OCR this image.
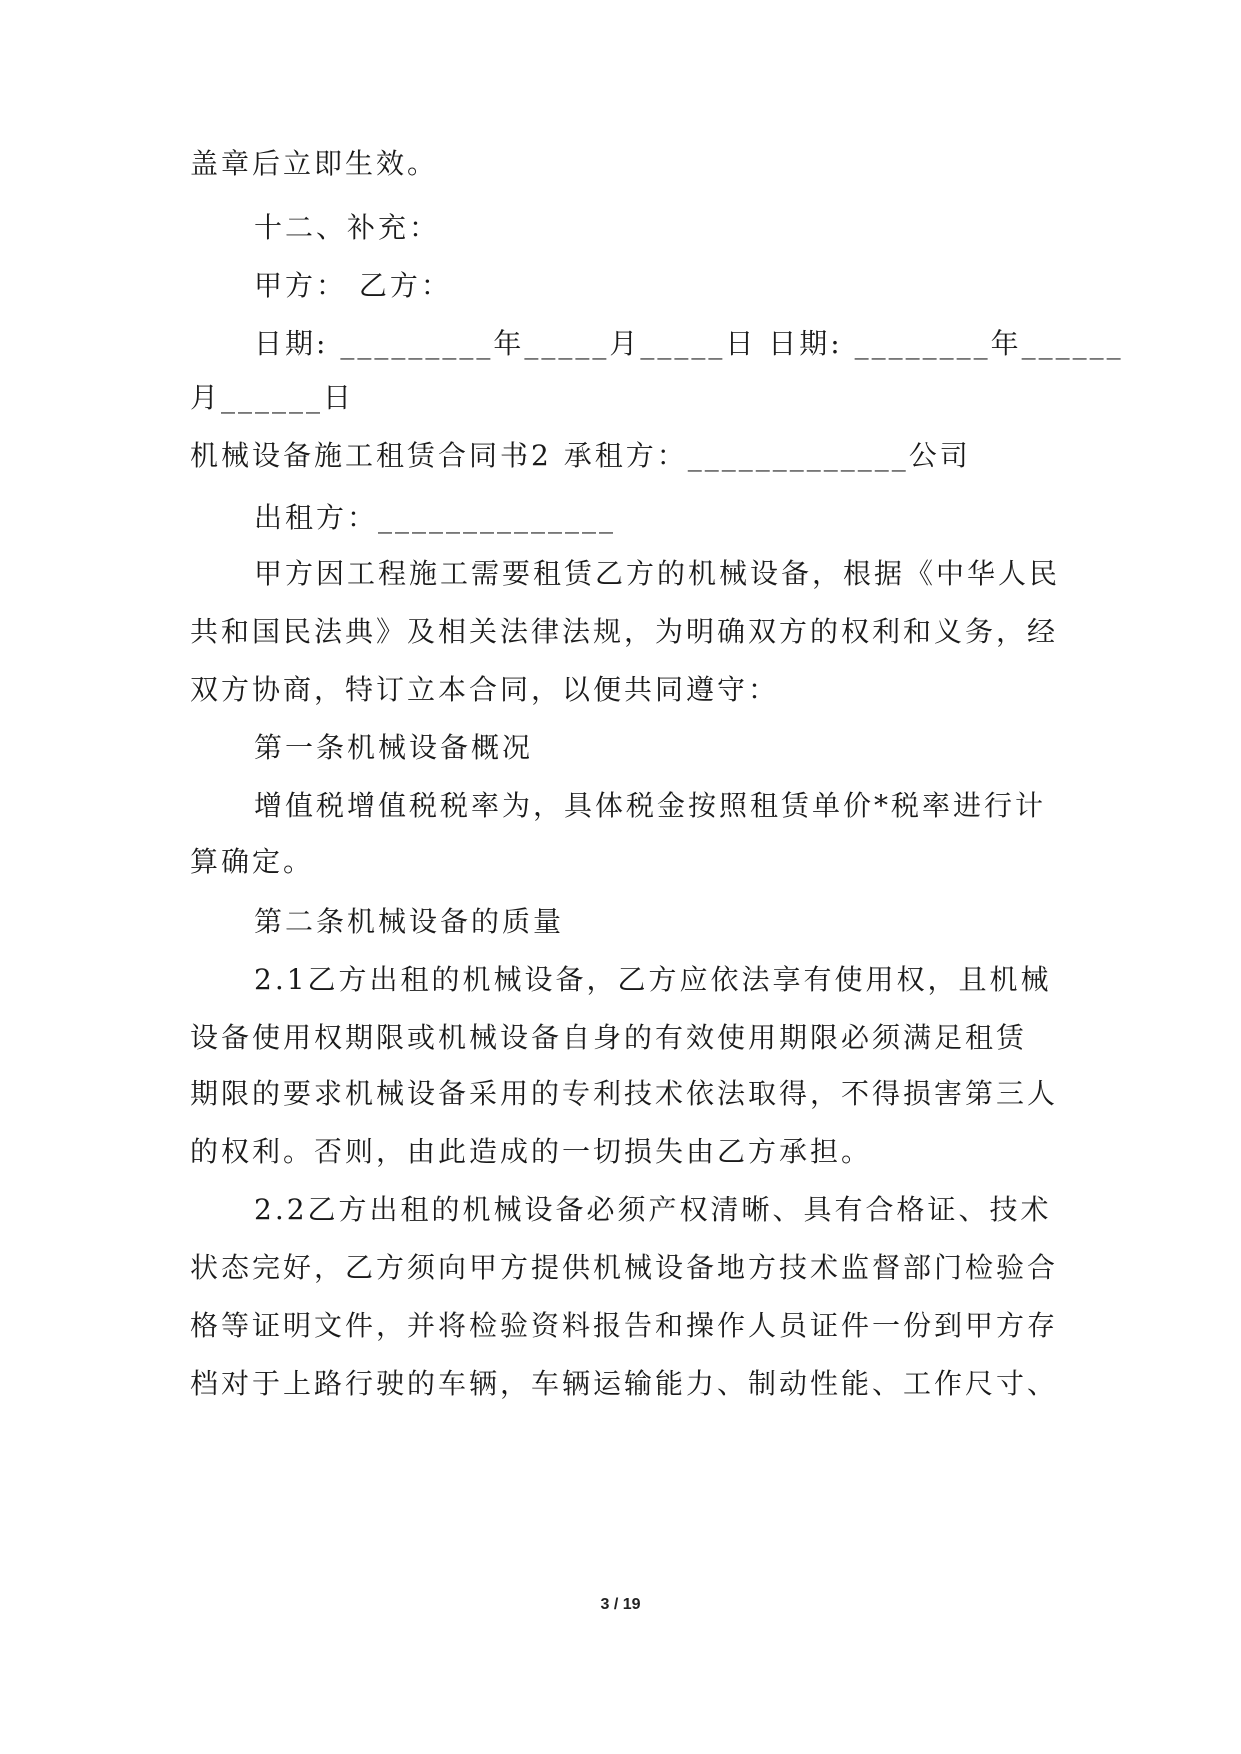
盖章后立即生效。
十二、补充：
甲方： 乙方：
日期: _________年_____月_____日 日期: ________年______
月______日
机械设备施工租赁合同书2 承租方：_____________公司
出租方：______________
甲方因工程施工需要租赁乙方的机械设备，根据《中华人民
共和国民法典》及相关法律法规，为明确双方的权利和义务，经
双方协商，特订立本合同，以便共同遵守：
第一条机械设备概况
增值税增值税税率为，具体税金按照租赁单价*税率进行计
算确定。
第二条机械设备的质量
2.1乙方出租的机械设备，乙方应依法享有使用权，且机械
设备使用权期限或机械设备自身的有效使用期限必须满足租赁
期限的要求机械设备采用的专利技术依法取得，不得损害第三人
的权利。否则，由此造成的一切损失由乙方承担。
2.2乙方出租的机械设备必须产权清晰、具有合格证、技术
状态完好，乙方须向甲方提供机械设备地方技术监督部门检验合
格等证明文件，并将检验资料报告和操作人员证件一份到甲方存
档对于上路行驶的车辆，车辆运输能力、制动性能、工作尺寸、
3 / 19
